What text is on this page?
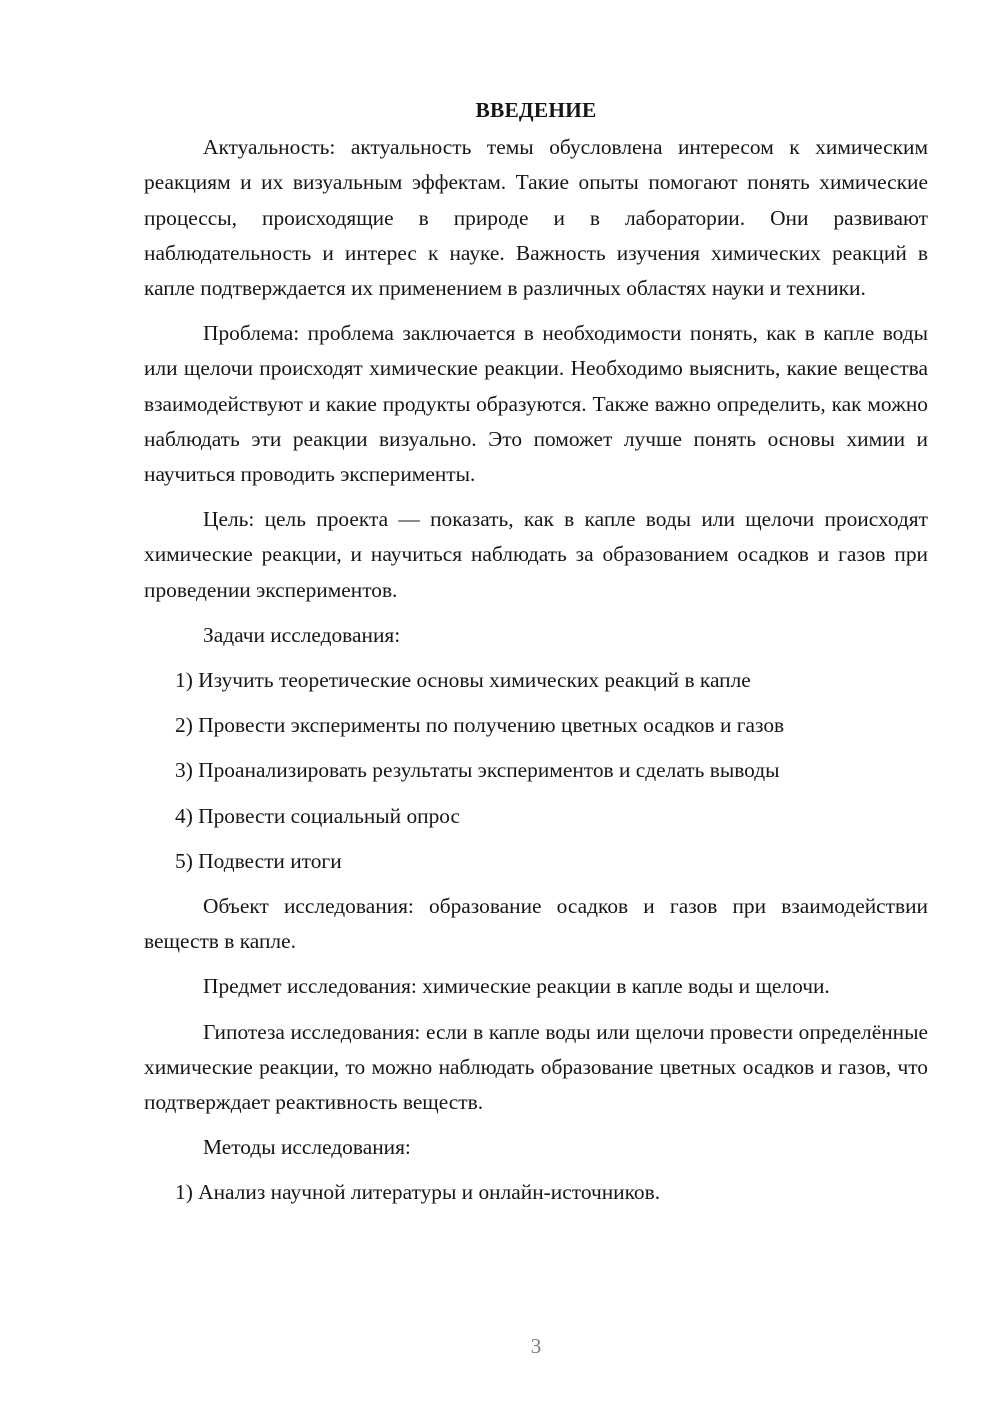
ВВЕДЕНИЕ
Актуальность: актуальность темы обусловлена интересом к химическим реакциям и их визуальным эффектам. Такие опыты помогают понять химические процессы, происходящие в природе и в лаборатории. Они развивают наблюдательность и интерес к науке. Важность изучения химических реакций в капле подтверждается их применением в различных областях науки и техники.
Проблема: проблема заключается в необходимости понять, как в капле воды или щелочи происходят химические реакции. Необходимо выяснить, какие вещества взаимодействуют и какие продукты образуются. Также важно определить, как можно наблюдать эти реакции визуально. Это поможет лучше понять основы химии и научиться проводить эксперименты.
Цель: цель проекта — показать, как в капле воды или щелочи происходят химические реакции, и научиться наблюдать за образованием осадков и газов при проведении экспериментов.
Задачи исследования:
1) Изучить теоретические основы химических реакций в капле
2) Провести эксперименты по получению цветных осадков и газов
3) Проанализировать результаты экспериментов и сделать выводы
4) Провести социальный опрос
5) Подвести итоги
Объект исследования: образование осадков и газов при взаимодействии веществ в капле.
Предмет исследования: химические реакции в капле воды и щелочи.
Гипотеза исследования: если в капле воды или щелочи провести определённые химические реакции, то можно наблюдать образование цветных осадков и газов, что подтверждает реактивность веществ.
Методы исследования:
1) Анализ научной литературы и онлайн-источников.
3
